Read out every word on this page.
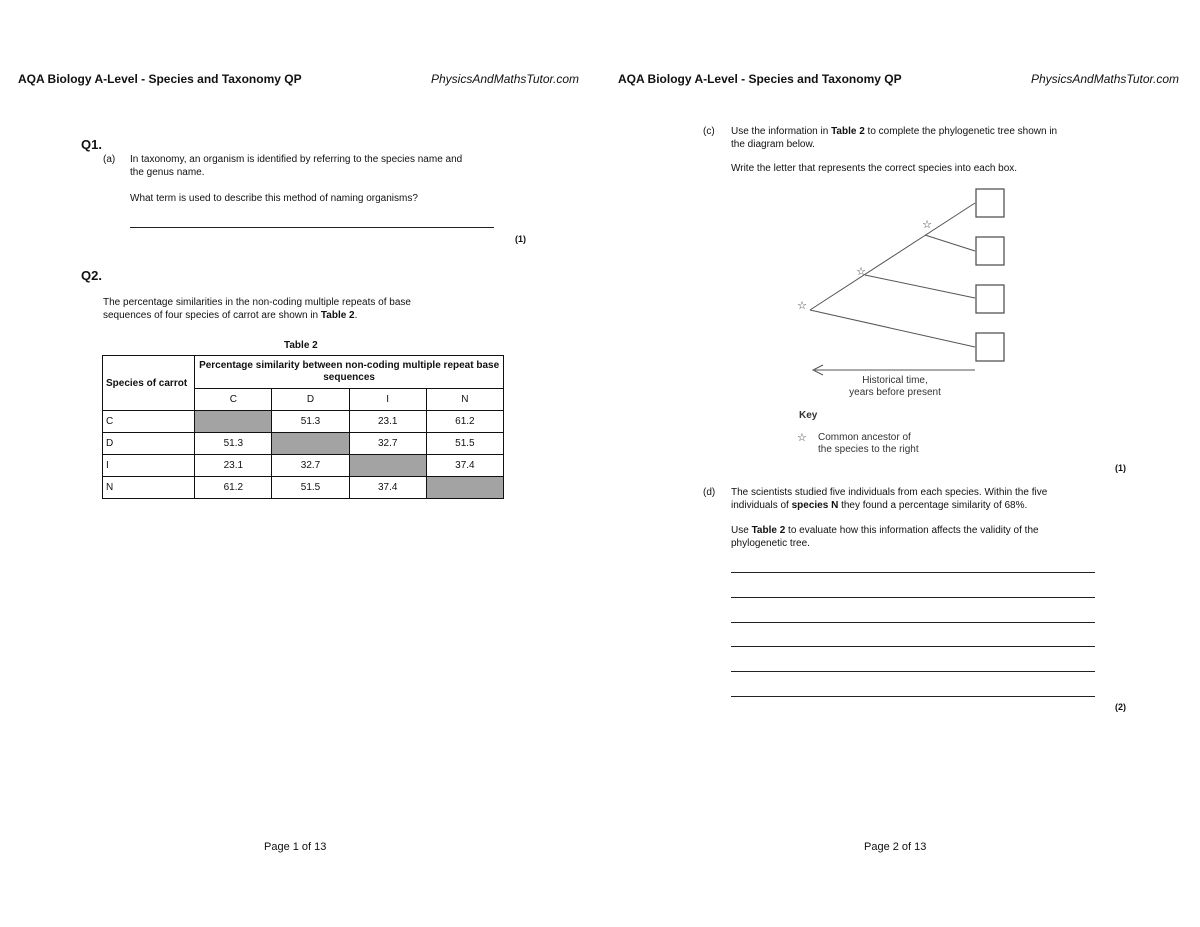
AQA Biology A-Level - Species and Taxonomy QP	PhysicsAndMathsTutor.com
Q1.
(a) In taxonomy, an organism is identified by referring to the species name and
the genus name.
What term is used to describe this method of naming organisms?
(1)
Q2.
The percentage similarities in the non-coding multiple repeats of base
sequences of four species of carrot are shown in Table 2.
Table 2
Species of carrot	Percentage similarity between non-coding multiple repeat base sequences			
	C	D	I	N
C		51.3	23.1	61.2
D	51.3		32.7	51.5
I	23.1	32.7		37.4
N	61.2	51.5	37.4	
Page 1 of 13
AQA Biology A-Level - Species and Taxonomy QP	PhysicsAndMathsTutor.com
(c) Use the information in Table 2 to complete the phylogenetic tree shown in
the diagram below.
Write the letter that represents the correct species into each box.
☆
☆
☆
Historical time,
years before present
Key
☆ Common ancestor of
the species to the right
(1)
(d) The scientists studied five individuals from each species. Within the five
individuals of species N they found a percentage similarity of 68%.
Use Table 2 to evaluate how this information affects the validity of the
phylogenetic tree.
(2)
Page 2 of 13
